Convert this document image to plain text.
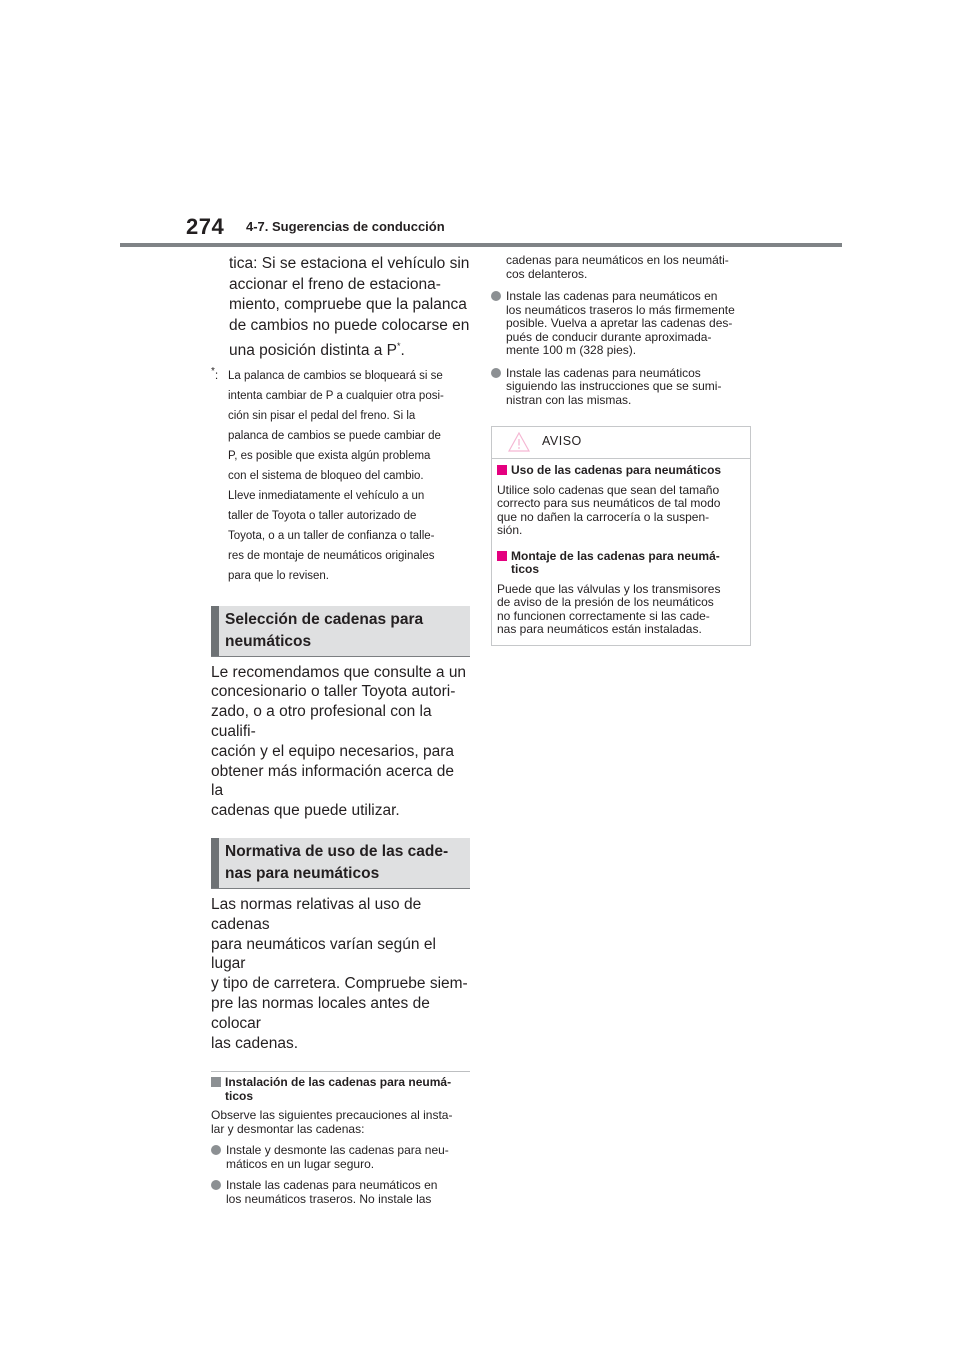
274 4-7. Sugerencias de conducción
tica: Si se estaciona el vehículo sin
accionar el freno de estaciona-
miento, compruebe que la palanca
de cambios no puede colocarse en
una posición distinta a P*.
*: La palanca de cambios se bloqueará si se
intenta cambiar de P a cualquier otra posi-
ción sin pisar el pedal del freno. Si la
palanca de cambios se puede cambiar de
P, es posible que exista algún problema
con el sistema de bloqueo del cambio.
Lleve inmediatamente el vehículo a un
taller de Toyota o taller autorizado de
Toyota, o a un taller de confianza o talle-
res de montaje de neumáticos originales
para que lo revisen.
Selección de cadenas para
neumáticos
Le recomendamos que consulte a un
concesionario o taller Toyota autori-
zado, o a otro profesional con la cualifi-
cación y el equipo necesarios, para
obtener más información acerca de la
cadenas que puede utilizar.
Normativa de uso de las cade-
nas para neumáticos
Las normas relativas al uso de cadenas
para neumáticos varían según el lugar
y tipo de carretera. Compruebe siem-
pre las normas locales antes de colocar
las cadenas.
Instalación de las cadenas para neumá-
ticos
Observe las siguientes precauciones al insta-
lar y desmontar las cadenas:
Instale y desmonte las cadenas para neu-
máticos en un lugar seguro.
Instale las cadenas para neumáticos en
los neumáticos traseros. No instale las
cadenas para neumáticos en los neumáti-
cos delanteros.
Instale las cadenas para neumáticos en
los neumáticos traseros lo más firmemente
posible. Vuelva a apretar las cadenas des-
pués de conducir durante aproximada-
mente 100 m (328 pies).
Instale las cadenas para neumáticos
siguiendo las instrucciones que se sumi-
nistran con las mismas.
AVISO
Uso de las cadenas para neumáticos
Utilice solo cadenas que sean del tamaño
correcto para sus neumáticos de tal modo
que no dañen la carrocería o la suspen-
sión.
Montaje de las cadenas para neumá-
ticos
Puede que las válvulas y los transmisores
de aviso de la presión de los neumáticos
no funcionen correctamente si las cade-
nas para neumáticos están instaladas.
